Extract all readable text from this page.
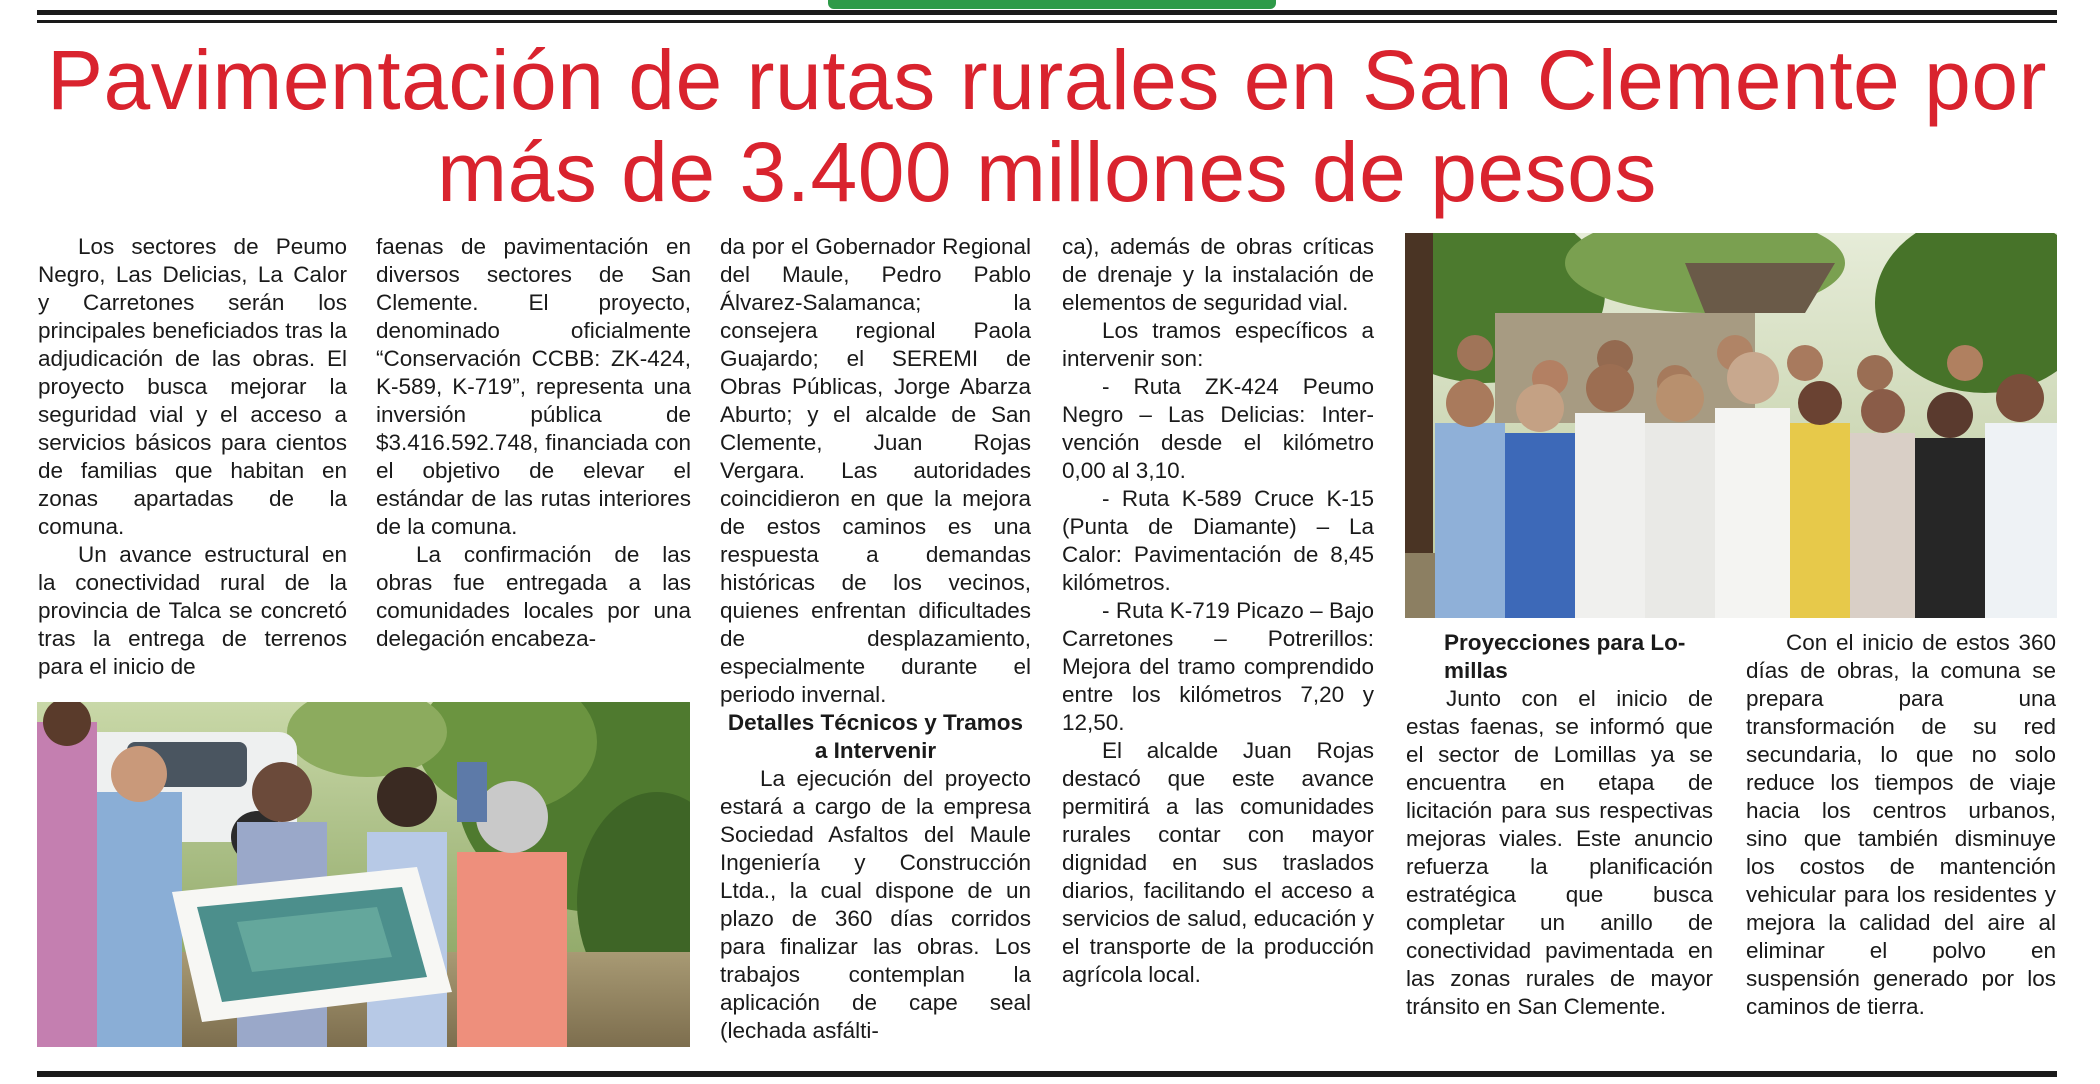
Pavimentación de rutas rurales en San Clemente por más de 3.400 millones de pesos

Los sectores de Peumo Negro, Las Delicias, La Calor y Carretones serán los principales beneficiados tras la adjudicación de las obras. El proyecto busca mejorar la seguridad vial y el acceso a servicios básicos para cientos de familias que habitan en zonas apartadas de la comuna.

Un avance estructural en la conectividad rural de la provincia de Talca se concretó tras la entrega de terrenos para el inicio de

faenas de pavimentación en diversos sectores de San Clemente. El proyecto, denominado oficialmente “Conservación CCBB: ZK-424, K-589, K-719”, representa una inversión pública de $3.416.592.748, financiada con el objetivo de elevar el estándar de las rutas interiores de la comuna.

La confirmación de las obras fue entregada a las comunidades locales por una delegación encabeza-

da por el Gobernador Regional del Maule, Pedro Pablo Álvarez-Salamanca; la consejera regional Paola Guajardo; el SEREMI de Obras Públicas, Jorge Abarza Aburto; y el alcalde de San Clemente, Juan Rojas Vergara. Las autoridades coincidieron en que la mejora de estos caminos es una respuesta a demandas históricas de los vecinos, quienes enfrentan dificultades de desplazamiento, especialmente durante el periodo invernal.

Detalles Técnicos y Tramos a Intervenir

La ejecución del proyecto estará a cargo de la empresa Sociedad Asfaltos del Maule Ingeniería y Construcción Ltda., la cual dispone de un plazo de 360 días corridos para finalizar las obras. Los trabajos contemplan la aplicación de cape seal (lechada asfálti-

ca), además de obras críticas de drenaje y la instalación de elementos de seguridad vial.

Los tramos específicos a intervenir son:

- Ruta ZK-424 Peumo Negro – Las Delicias: Intervención desde el kilómetro 0,00 al 3,10.

- Ruta K-589 Cruce K-15 (Punta de Diamante) – La Calor: Pavimentación de 8,45 kilómetros.

- Ruta K-719 Picazo – Bajo Carretones – Potrerillos: Mejora del tramo comprendido entre los kilómetros 7,20 y 12,50.

El alcalde Juan Rojas destacó que este avance permitirá a las comunidades rurales contar con mayor dignidad en sus traslados diarios, facilitando el acceso a servicios de salud, educación y el transporte de la producción agrícola local.

Proyecciones para Lomillas

Junto con el inicio de estas faenas, se informó que el sector de Lomillas ya se encuentra en etapa de licitación para sus respectivas mejoras viales. Este anuncio refuerza la planificación estratégica que busca completar un anillo de conectividad pavimentada en las zonas rurales de mayor tránsito en San Clemente.

Con el inicio de estos 360 días de obras, la comuna se prepara para una transformación de su red secundaria, lo que no solo reduce los tiempos de viaje hacia los centros urbanos, sino que también disminuye los costos de mantención vehicular para los residentes y mejora la calidad del aire al eliminar el polvo en suspensión generado por los caminos de tierra.
